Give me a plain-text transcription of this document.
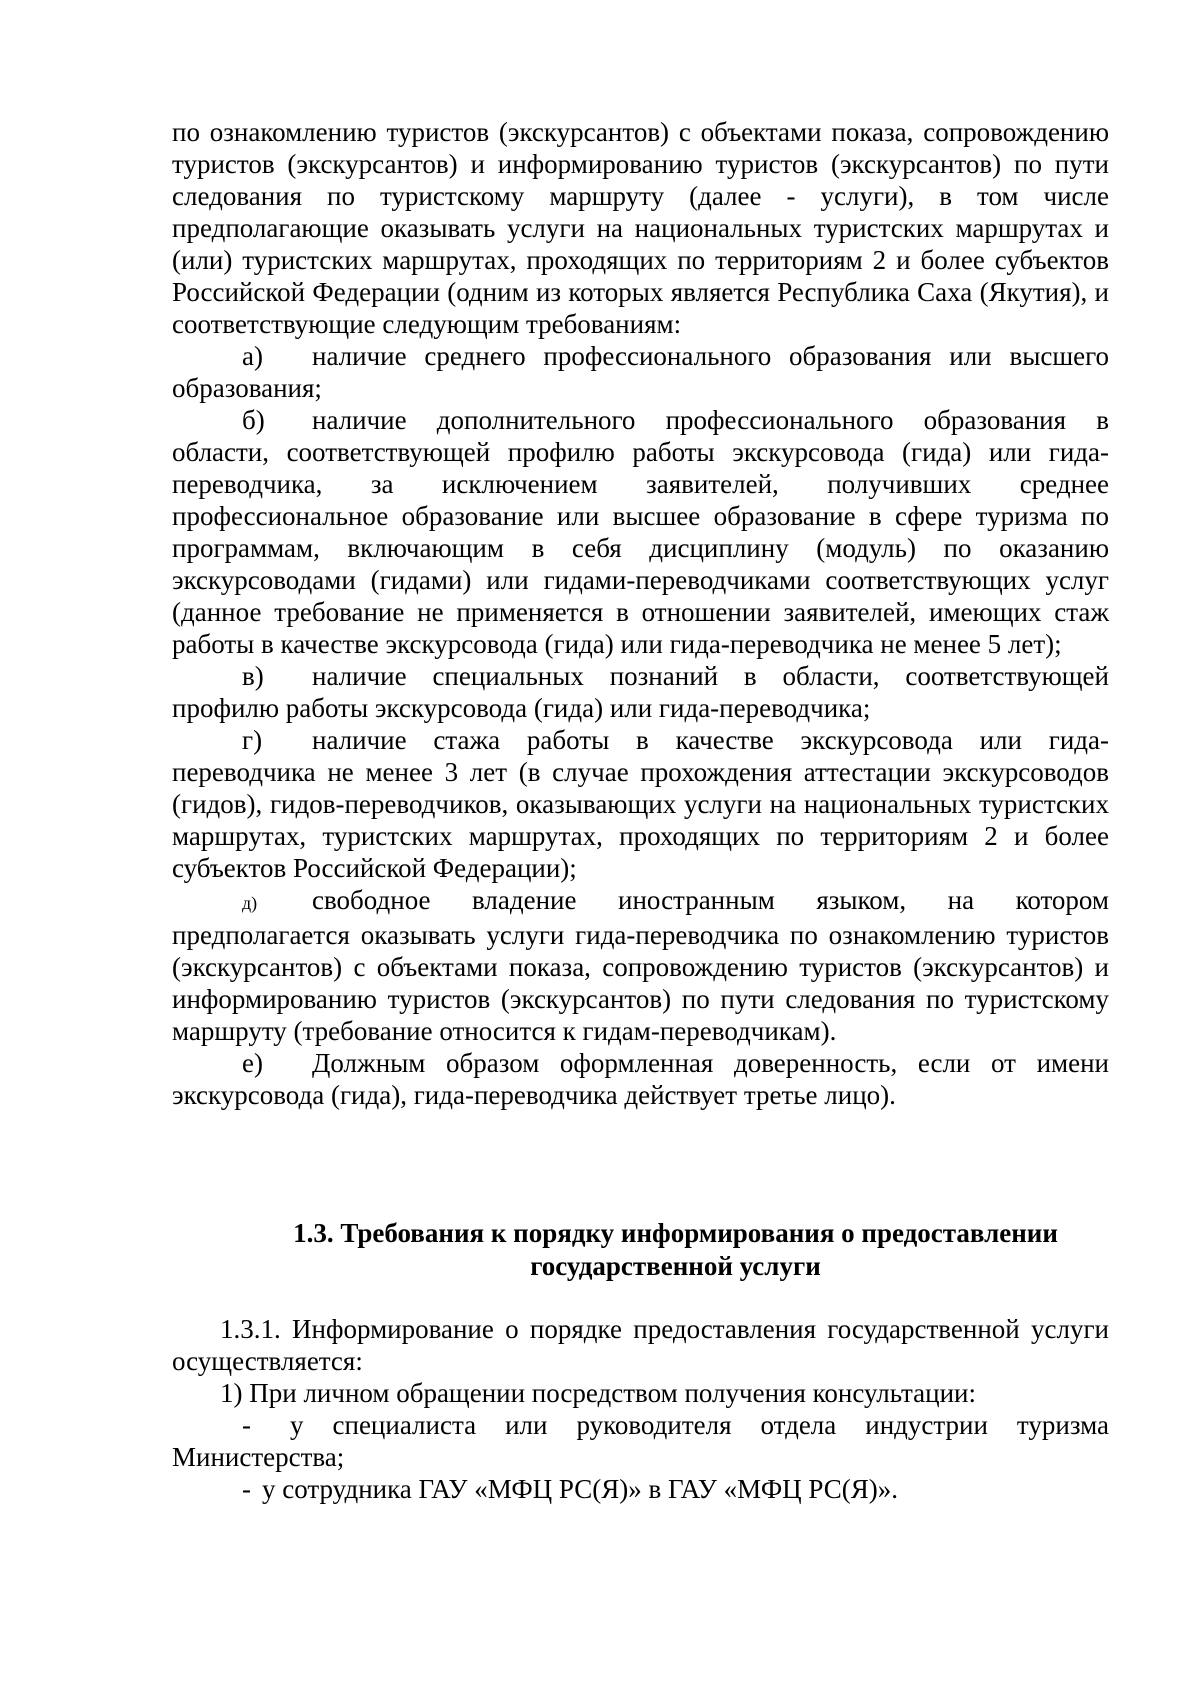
по ознакомлению туристов (экскурсантов) с объектами показа, сопровождению туристов (экскурсантов) и информированию туристов (экскурсантов) по пути следования по туристскому маршруту (далее - услуги), в том числе предполагающие оказывать услуги на национальных туристских маршрутах и (или) туристских маршрутах, проходящих по территориям 2 и более субъектов Российской Федерации (одним из которых является Республика Саха (Якутия), и соответствующие следующим требованиям:

а) наличие среднего профессионального образования или высшего образования;

б) наличие дополнительного профессионального образования в области, соответствующей профилю работы экскурсовода (гида) или гида-переводчика, за исключением заявителей, получивших среднее профессиональное образование или высшее образование в сфере туризма по программам, включающим в себя дисциплину (модуль) по оказанию экскурсоводами (гидами) или гидами-переводчиками соответствующих услуг (данное требование не применяется в отношении заявителей, имеющих стаж работы в качестве экскурсовода (гида) или гида-переводчика не менее 5 лет);

в) наличие специальных познаний в области, соответствующей профилю работы экскурсовода (гида) или гида-переводчика;

г) наличие стажа работы в качестве экскурсовода или гида-переводчика не менее 3 лет (в случае прохождения аттестации экскурсоводов (гидов), гидов-переводчиков, оказывающих услуги на национальных туристских маршрутах, туристских маршрутах, проходящих по территориям 2 и более субъектов Российской Федерации);

д) свободное владение иностранным языком, на котором предполагается оказывать услуги гида-переводчика по ознакомлению туристов (экскурсантов) с объектами показа, сопровождению туристов (экскурсантов) и информированию туристов (экскурсантов) по пути следования по туристскому маршруту (требование относится к гидам-переводчикам).

е) Должным образом оформленная доверенность, если от имени экскурсовода (гида), гида-переводчика действует третье лицо).

1.3. Требования к порядку информирования о предоставлении
государственной услуги

1.3.1. Информирование о порядке предоставления государственной услуги осуществляется:

1) При личном обращении посредством получения консультации:

- у специалиста или руководителя отдела индустрии туризма Министерства;

- у сотрудника ГАУ «МФЦ РС(Я)» в ГАУ «МФЦ РС(Я)».
